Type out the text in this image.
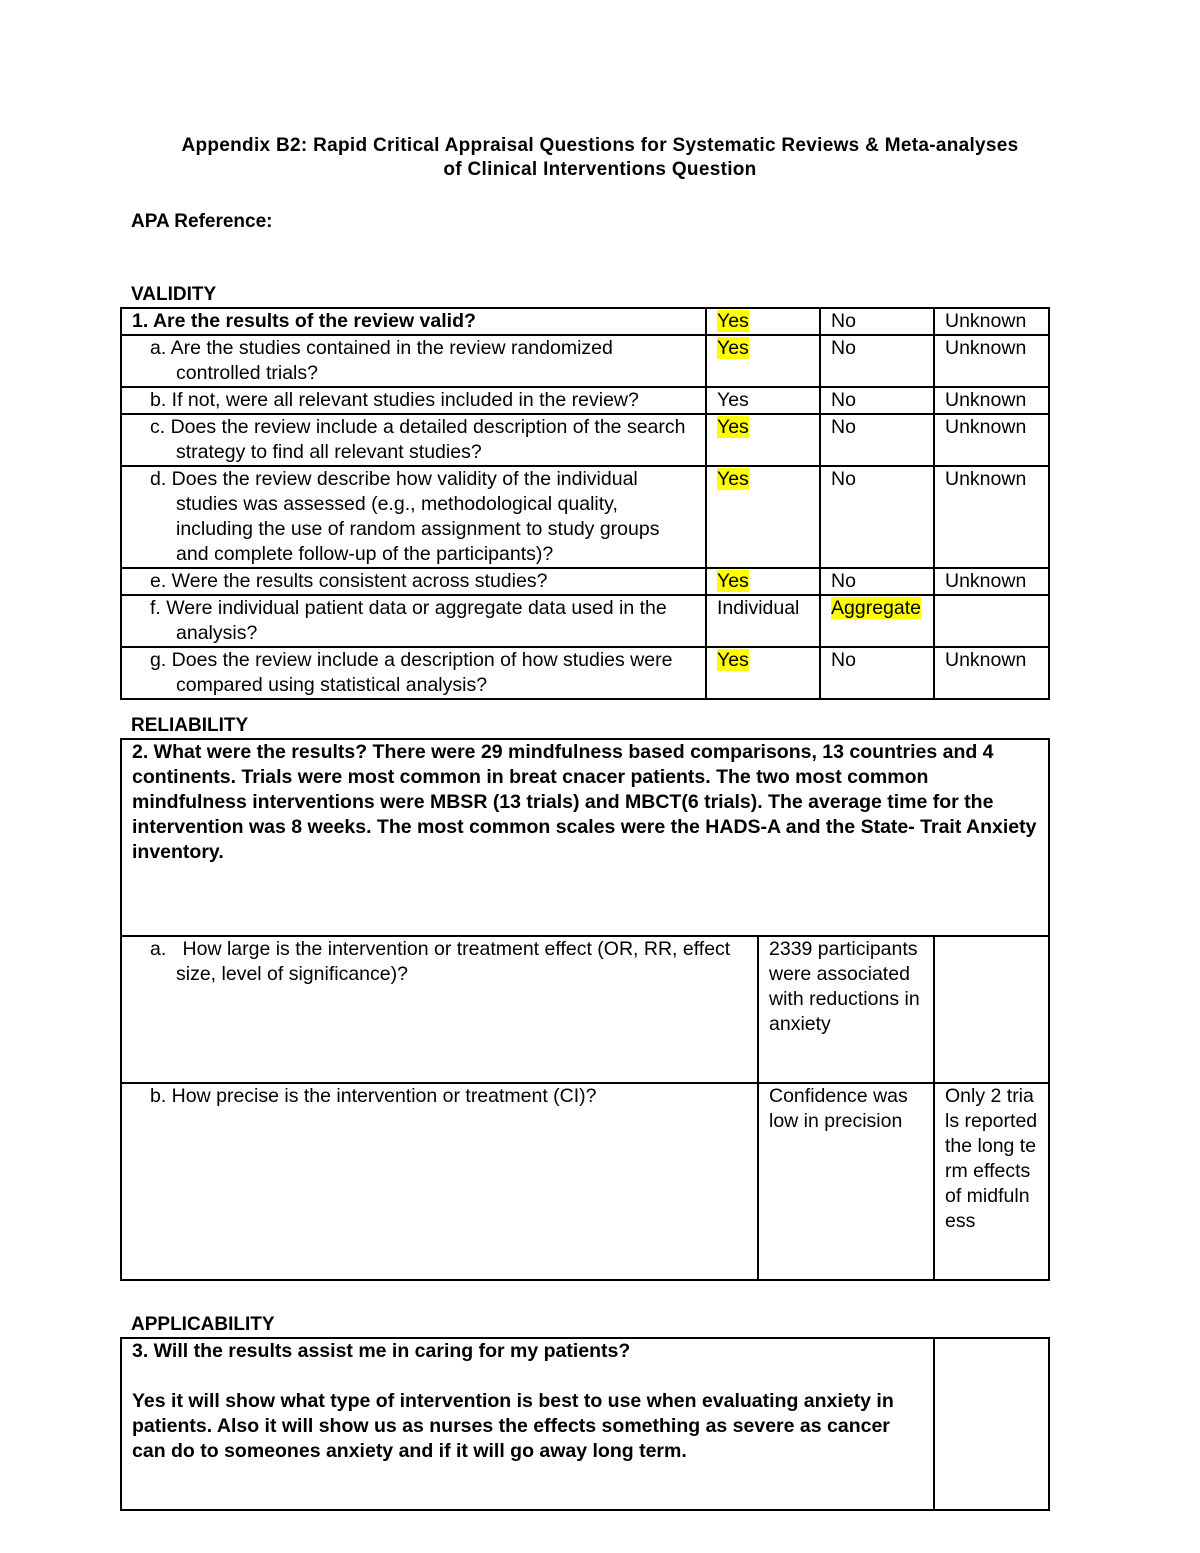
Appendix B2: Rapid Critical Appraisal Questions for Systematic Reviews & Meta-analyses
of Clinical Interventions Question
APA Reference:
VALIDITY
1. Are the results of the review valid?	Yes	No	Unknown

a. Are the studies contained in the review randomized controlled trials?	Yes	No	Unknown

b. If not, were all relevant studies included in the review?	Yes	No	Unknown

c. Does the review include a detailed description of the search strategy to find all relevant studies?	Yes	No	Unknown

d. Does the review describe how validity of the individual studies was assessed (e.g., methodological quality, including the use of random assignment to study groups and complete follow-up of the participants)?	Yes	No	Unknown

e. Were the results consistent across studies?	Yes	No	Unknown

f. Were individual patient data or aggregate data used in the analysis?	Individual	Aggregate	

g. Does the review include a description of how studies were compared using statistical analysis?	Yes	No	Unknown
RELIABILITY
2. What were the results? There were 29 mindfulness based comparisons, 13 countries and 4 continents. Trials were most common in breat cnacer patients. The two most common mindfulness interventions were MBSR (13 trials) and MBCT(6 trials). The average time for the intervention was 8 weeks. The most common scales were the HADS-A and the State- Trait Anxiety inventory.		

a.   How large is the intervention or treatment effect (OR, RR, effect size, level of significance)?	2339 participants were associated with reductions in anxiety	

b. How precise is the intervention or treatment (CI)?	Confidence was low in precision	Only 2 trials reported the long term effects of midfulness
APPLICABILITY
3. Will the results assist me in caring for my patients?
Yes it will show what type of intervention is best to use when evaluating anxiety in patients. Also it will show us as nurses the effects something as severe as cancer can do to someones anxiety and if it will go away long term.
